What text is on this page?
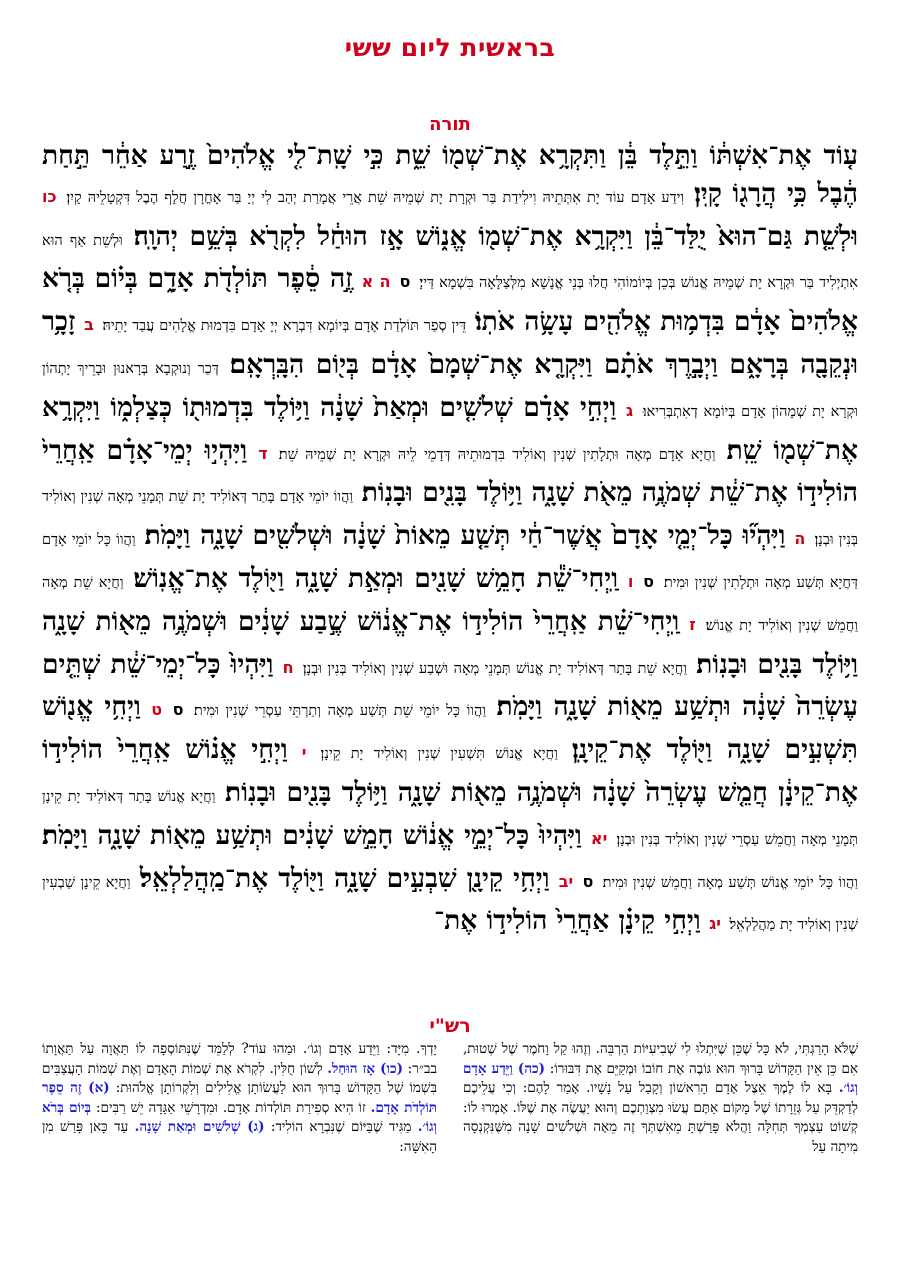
בראשית ליום ששי
תורה
ע֤וֹד אֶת־אִשְׁתּ֔וֹ וַתֵּ֣לֶד בֵּ֔ן וַתִּקְרָ֥א אֶת־שְׁמ֖וֹ שֵׁ֑ת כִּ֣י שָֽׁת־לִ֤י אֱלֹהִים֙ זֶ֣רַע אַחֵ֔ר תַּ֣חַת הֶ֔בֶל כִּ֥י הֲרָג֖וֹ קָֽיִן׃ וִידַע אָדָם עוֹד יָת אִתְּתֵיהּ וִילִידַת בַּר וּקְרָת יָת שְׁמֵיהּ שֵׁת אֲרֵי אֲמָרַת יְהַב לִי יְיָ בַּר אָחֳרָן חֲלָף הֶבֶל דִּקְטָלֵיהּ קָיִן׃ כו וּלְשֵׁ֤ת גַּם־הוּא֙ יֻלַּד־בֵּ֔ן וַיִּקְרָ֥א אֶת־שְׁמ֖וֹ אֱנ֑וֹשׁ אָ֣ז הוּחַ֔ל לִקְרֹ֖א בְּשֵׁ֥ם יְהוָֽה׃ וּלְשֵׁת אַף הוּא אִתְיְלִיד בַּר וּקְרָא יָת שְׁמֵיהּ אֱנוֹשׁ בְּכֵן בְּיוֹמוֹהִי חֲלוּ בְּנֵי אֱנָשָׁא מִלְּצַלָּאָה בִּשְׁמָא דַּייָ׃ ס ה א זֶ֣ה סֵ֔פֶר תּוֹלְדֹ֖ת אָדָ֑ם בְּי֗וֹם בְּרֹ֤א אֱלֹהִים֙ אָדָ֔ם בִּדְמ֥וּת אֱלֹהִ֖ים עָשָׂ֥ה אֹתֽוֹ׃ דֵּין סְפַר תּוֹלְדַת אָדָם בְּיוֹמָא דִּבְרָא יְיָ אָדָם בִּדְמוּת אֱלָהִים עֲבַד יָתֵיהּ׃ ב זָכָ֥ר וּנְקֵבָ֖ה בְּרָאָ֑ם וַיְבָ֣רֶךְ אֹתָ֗ם וַיִּקְרָ֤א אֶת־שְׁמָם֙ אָדָ֔ם בְּי֖וֹם הִבָּֽרְאָֽם׃ דְּכַר וְנוּקְבָא בְּרָאנוּן וּבָרֵיךְ יָתְהוֹן וּקְרָא יָת שְׁמָהוֹן אָדָם בְּיוֹמָא דְאִתְבְּרִיאוּ׃ ג וַיְחִ֣י אָדָ֗ם שְׁלֹשִׁ֤ים וּמְאַת֙ שָׁנָ֔ה וַיּ֥וֹלֶד בִּדְמוּת֖וֹ כְּצַלְמ֑וֹ וַיִּקְרָ֥א אֶת־שְׁמ֖וֹ שֵֽׁת׃ וַחֲיָא אָדָם מְאָה וּתְלָתִין שְׁנִין וְאוֹלִיד בִּדְמוּתֵיהּ דְּדָמֵי לֵיהּ וּקְרָא יָת שְׁמֵיהּ שֵׁת׃ ד וַיִּהְי֣וּ יְמֵי־אָדָ֗ם אַֽחֲרֵי֙ הוֹלִיד֣וֹ אֶת־שֵׁ֔ת שְׁמֹנֶ֥ה מֵאֹ֖ת שָׁנָ֑ה וַיּ֥וֹלֶד בָּנִ֖ים וּבָנֽוֹת׃ וַהֲווֹ יוֹמֵי אָדָם בָּתַר דְּאוֹלִיד יָת שֵׁת תְּמָנֵי מְאָה שְׁנִין וְאוֹלִיד בְּנִין וּבְנָן׃ ה וַיִּהְי֞וּ כָּל־יְמֵ֤י אָדָם֙ אֲשֶׁר־חַ֔י תְּשַׁ֤ע מֵאוֹת֙ שָׁנָ֔ה וּשְׁלֹשִׁ֖ים שָׁנָ֑ה וַיָּמֹֽת׃ וַהֲווֹ כָּל יוֹמֵי אָדָם דַּחֲיָא תְּשַׁע מְאָה וּתְלָתִין שְׁנִין וּמִית׃ ס ו וַֽיְחִי־שֵׁ֕ת חָמֵ֥שׁ שָׁנִ֖ים וּמְאַ֣ת שָׁנָ֑ה וַיּ֖וֹלֶד אֶת־אֱנֽוֹשׁ׃ וַחֲיָא שֵׁת מְאָה וַחֲמֵשׁ שְׁנִין וְאוֹלִיד יָת אֱנוֹשׁ׃ ז וַֽיְחִי־שֵׁ֗ת אַֽחֲרֵי֙ הוֹלִיד֣וֹ אֶת־אֱנ֔וֹשׁ שֶׁ֣בַע שָׁנִ֔ים וּשְׁמֹנֶ֥ה מֵא֖וֹת שָׁנָ֑ה וַיּ֥וֹלֶד בָּנִ֖ים וּבָנֽוֹת׃ וַחֲיָא שֵׁת בָּתַר דְּאוֹלִיד יָת אֱנוֹשׁ תְּמָנֵי מְאָה וּשְׁבַע שְׁנִין וְאוֹלִיד בְּנִין וּבְנָן׃ ח וַיִּהְיוּ֙ כָּל־יְמֵי־שֵׁ֔ת שְׁתֵּ֤ים עֶשְׂרֵה֙ שָׁנָ֔ה וּתְשַׁ֥ע מֵא֖וֹת שָׁנָ֑ה וַיָּמֹֽת׃ וַהֲווֹ כָּל יוֹמֵי שֵׁת תְּשַׁע מְאָה וְתַרְתֵּי עַסְרֵי שְׁנִין וּמִית׃ ס ט וַיְחִ֥י אֱנ֖וֹשׁ תִּשְׁעִ֣ים שָׁנָ֑ה וַיּ֖וֹלֶד אֶת־קֵינָֽן׃ וַחֲיָא אֱנוֹשׁ תִּשְׁעִין שְׁנִין וְאוֹלִיד יָת קֵינָן׃ י וַיְחִ֣י אֱנ֗וֹשׁ אַֽחֲרֵי֙ הוֹלִיד֣וֹ אֶת־קֵינָ֔ן חֲמֵ֤שׁ עֶשְׂרֵה֙ שָׁנָ֔ה וּשְׁמֹנֶ֥ה מֵא֖וֹת שָׁנָ֑ה וַיּ֥וֹלֶד בָּנִ֖ים וּבָנֽוֹת׃ וַחֲיָא אֱנוֹשׁ בָּתַר דְּאוֹלִיד יָת קֵינָן תְּמָנֵי מְאָה וַחֲמֵשׁ עַסְרֵי שְׁנִין וְאוֹלִיד בְּנִין וּבְנָן׃ יא וַיִּהְיוּ֙ כָּל־יְמֵ֣י אֱנ֔וֹשׁ חָמֵ֣שׁ שָׁנִ֔ים וּתְשַׁ֥ע מֵא֖וֹת שָׁנָ֑ה וַיָּמֹֽת׃ וַהֲווֹ כָּל יוֹמֵי אֱנוֹשׁ תְּשַׁע מְאָה וַחֲמֵשׁ שְׁנִין וּמִית׃ ס יב וַיְחִ֥י קֵינָ֖ן שִׁבְעִ֣ים שָׁנָ֑ה וַיּ֖וֹלֶד אֶת־מַֽהֲלַלְאֵֽל׃ וַחֲיָא קֵינָן שַׁבְעִין שְׁנִין וְאוֹלִיד יָת מַהֲלַלְאֵל׃ יג וַיְחִ֣י קֵינָ֗ן אַחֲרֵי֙ הוֹלִיד֣וֹ אֶת־
רש"י
שֶׁלֹּא הָרַגְתִּי, לֹא כָּל שֶׁכֵּן שֶׁיִּתְלוּ לִי שְׁבִיעִיּוֹת הַרְבֵּה. וְזֶהוּ קַל וָחֹמֶר שֶׁל שְׁטוּת, אִם כֵּן אֵין הַקָּדוֹשׁ בָּרוּךְ הוּא גּוֹבֶה אֶת חוֹבוֹ וּמְקַיֵּם אֶת דִּבּוּרוֹ: (כה) וַיֵּדַע אָדָם וְגוֹ׳. בָּא לוֹ לֶמֶךְ אֵצֶל אָדָם הָרִאשׁוֹן וְקָבַל עַל נָשָׁיו. אָמַר לָהֶם: וְכִי עֲלֵיכֶם לְדַקְדֵּק עַל גְּזֵרָתוֹ שֶׁל מָקוֹם אַתֶּם עֲשׂוּ מִצְוַתְכֶם וְהוּא יַעֲשֶׂה אֶת שֶׁלּוֹ. אָמְרוּ לוֹ: קְשׁוֹט עַצְמְךָ תְּחִלָּה וַהֲלֹא פָּרַשְׁתָּ מֵאִשְׁתְּךָ זֶה מֵאָה וּשְׁלֹשִׁים שָׁנָה מִשֶּׁנִּקְנְסָה מִיתָה עַל
יָדְךָ. מִיָּד: וַיֵּדַע אָדָם וְגוֹ׳. וּמַהוּ עוֹד? לְלַמֵּד שֶׁנִּתּוֹסְפָה לוֹ תַּאֲוָה עַל תַּאֲוָתוֹ בב״ר: (כו) אָז הוּחַל. לְשׁוֹן חֻלִּין. לִקְרֹא אֶת שְׁמוֹת הָאָדָם וְאֶת שְׁמוֹת הָעֲצַבִּים בִּשְׁמוֹ שֶׁל הַקָּדוֹשׁ בָּרוּךְ הוּא לַעֲשׂוֹתָן אֱלִילִים וְלִקְרוֹתָן אֱלֹהוּת: (א) זֶה סֵפֶר תּוֹלְדֹת אָדָם. זוֹ הִיא סְפִירַת תּוֹלְדוֹת אָדָם. וּמִדְרָשֵׁי אַגָּדָה יֵשׁ רַבִּים: בְּיוֹם בְּרֹא וְגוֹ׳. מַגִּיד שֶׁבַּיּוֹם שֶׁנִּבְרָא הוֹלִיד: (ג) שְׁלֹשִׁים וּמְאַת שָׁנָה. עַד כָּאן פָּרַשׁ מִן הָאִשָּׁה:
